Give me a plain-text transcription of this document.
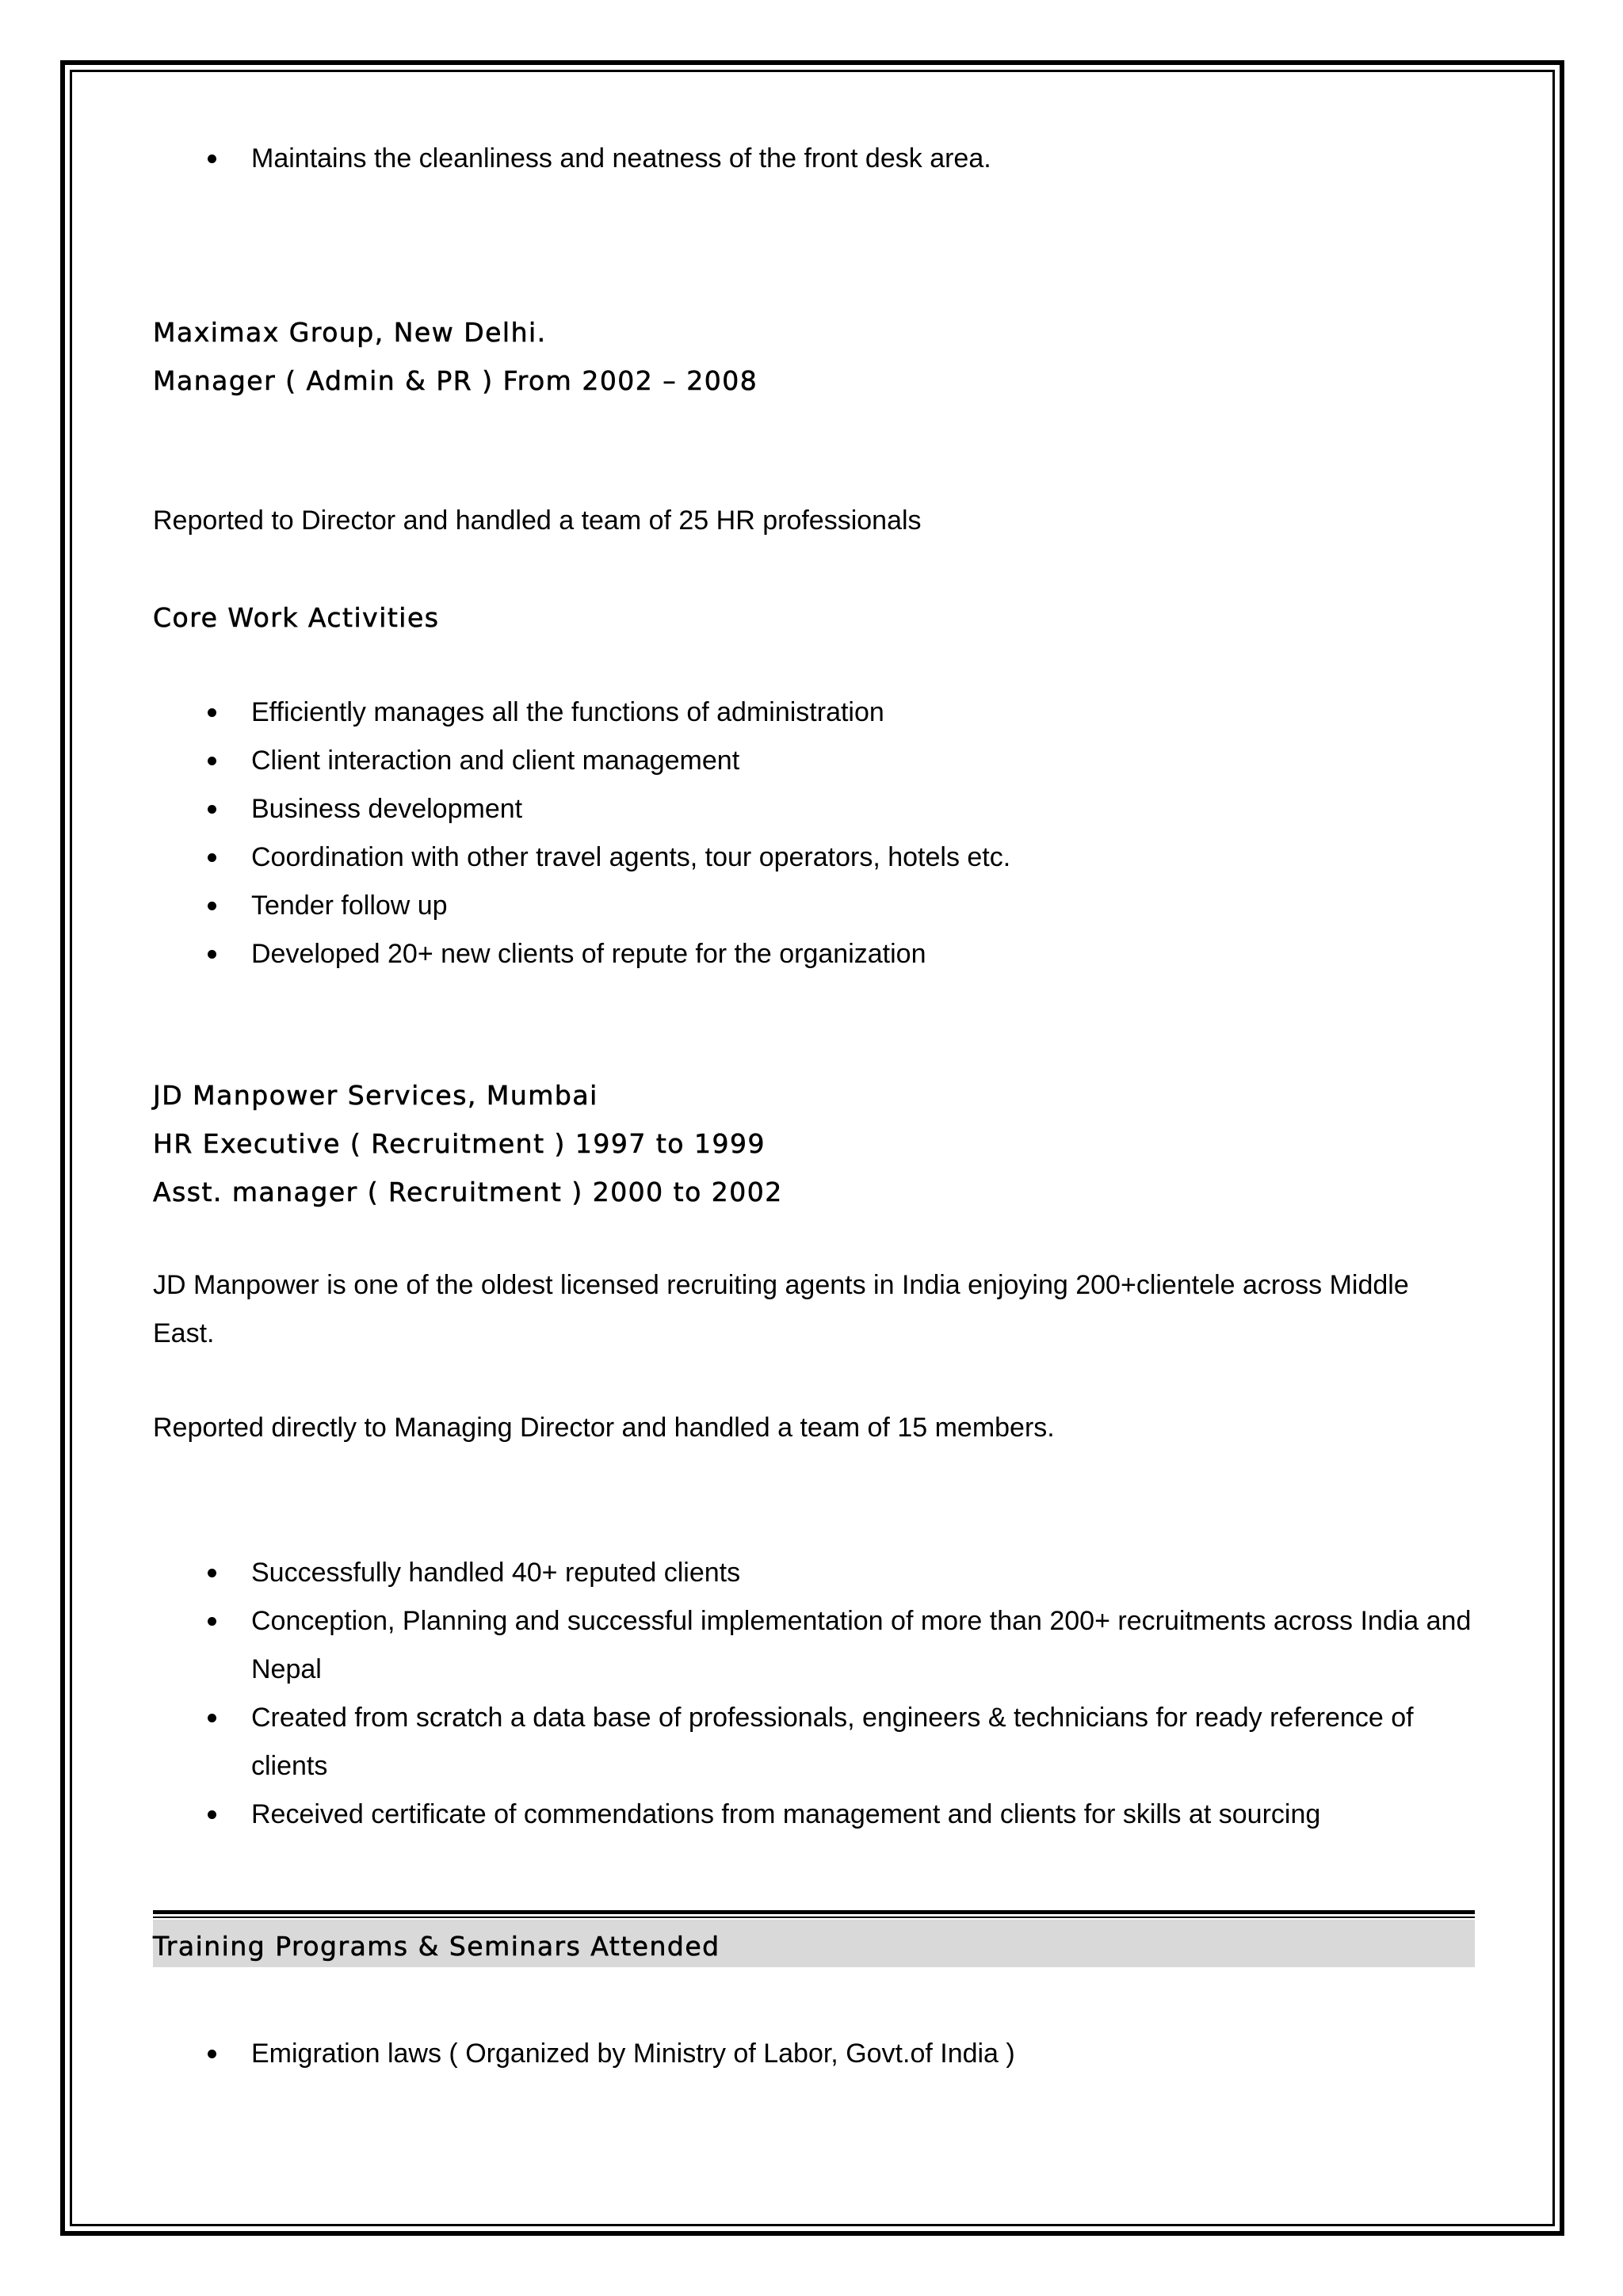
Maintains the cleanliness and neatness of the front desk area.
Maximax Group, New Delhi.
Manager ( Admin & PR ) From 2002 – 2008
Reported to Director and handled a team of 25 HR professionals
Core Work Activities
Efficiently manages all the functions of administration
Client interaction and client management
Business development
Coordination with other travel agents, tour operators, hotels etc.
Tender follow up
Developed 20+ new clients of repute for the organization
JD Manpower Services, Mumbai
HR Executive ( Recruitment ) 1997 to 1999
Asst. manager ( Recruitment ) 2000 to 2002
JD Manpower is one of the oldest licensed recruiting agents in India enjoying 200+clientele across Middle East.
Reported directly to Managing Director and handled a team of 15 members.
Successfully handled 40+ reputed clients
Conception, Planning and successful implementation of more than 200+ recruitments across India and Nepal
Created from scratch a data base of professionals, engineers & technicians for ready reference of clients
Received certificate of commendations from management and clients for skills at sourcing
Training Programs & Seminars Attended
Emigration laws ( Organized by Ministry of Labor, Govt.of India )
